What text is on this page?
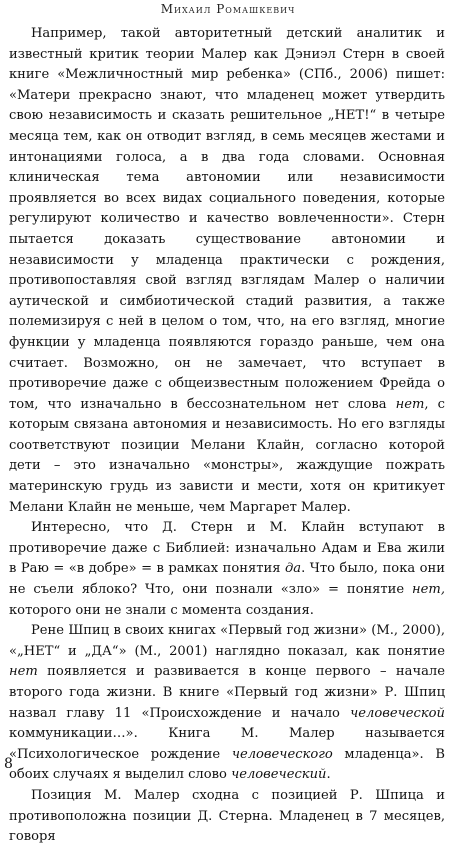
Михаил Ромашкевич

Например, такой авторитетный детский аналитик и известный критик теории Малер как Дэниэл Стерн в своей книге «Межличностный мир ребенка» (СПб., 2006) пишет: «Матери прекрасно знают, что младенец может утвердить свою независимость и сказать решительное „НЕТ!“ в четыре месяца тем, как он отводит взгляд, в семь месяцев жестами и интонациями голоса, а в два года словами. Основная клиническая тема автономии или независимости проявляется во всех видах социального поведения, которые регулируют количество и качество вовлеченности». Стерн пытается доказать существование автономии и независимости у младенца практически с рождения, противопоставляя свой взгляд взглядам Малер о наличии аутической и симбиотической стадий развития, а также полемизируя с ней в целом о том, что, на его взгляд, многие функции у младенца появляются гораздо раньше, чем она считает. Возможно, он не замечает, что вступает в противоречие даже с общеизвестным положением Фрейда о том, что изначально в бессознательном нет слова нет, с которым связана автономия и независимость. Но его взгляды соответствуют позиции Мелани Клайн, согласно которой дети – это изначально «монстры», жаждущие пожрать материнскую грудь из зависти и мести, хотя он критикует Мелани Клайн не меньше, чем Маргарет Малер.

Интересно, что Д. Стерн и М. Клайн вступают в противоречие даже с Библией: изначально Адам и Ева жили в Раю = «в добре» = в рамках понятия да. Что было, пока они не съели яблоко? Что, они познали «зло» = понятие нет, которого они не знали с момента создания.

Рене Шпиц в своих книгах «Первый год жизни» (М., 2000), «„НЕТ“ и „ДА“» (М., 2001) наглядно показал, как понятие нет появляется и развивается в конце первого – начале второго года жизни. В книге «Первый год жизни» Р. Шпиц назвал главу 11 «Происхождение и начало человеческой коммуникации…». Книга М. Малер называется «Психологическое рождение человеческого младенца». В обоих случаях я выделил слово человеческий.

Позиция М. Малер сходна с позицией Р. Шпица и противоположна позиции Д. Стерна. Младенец в 7 месяцев, говоря

8
